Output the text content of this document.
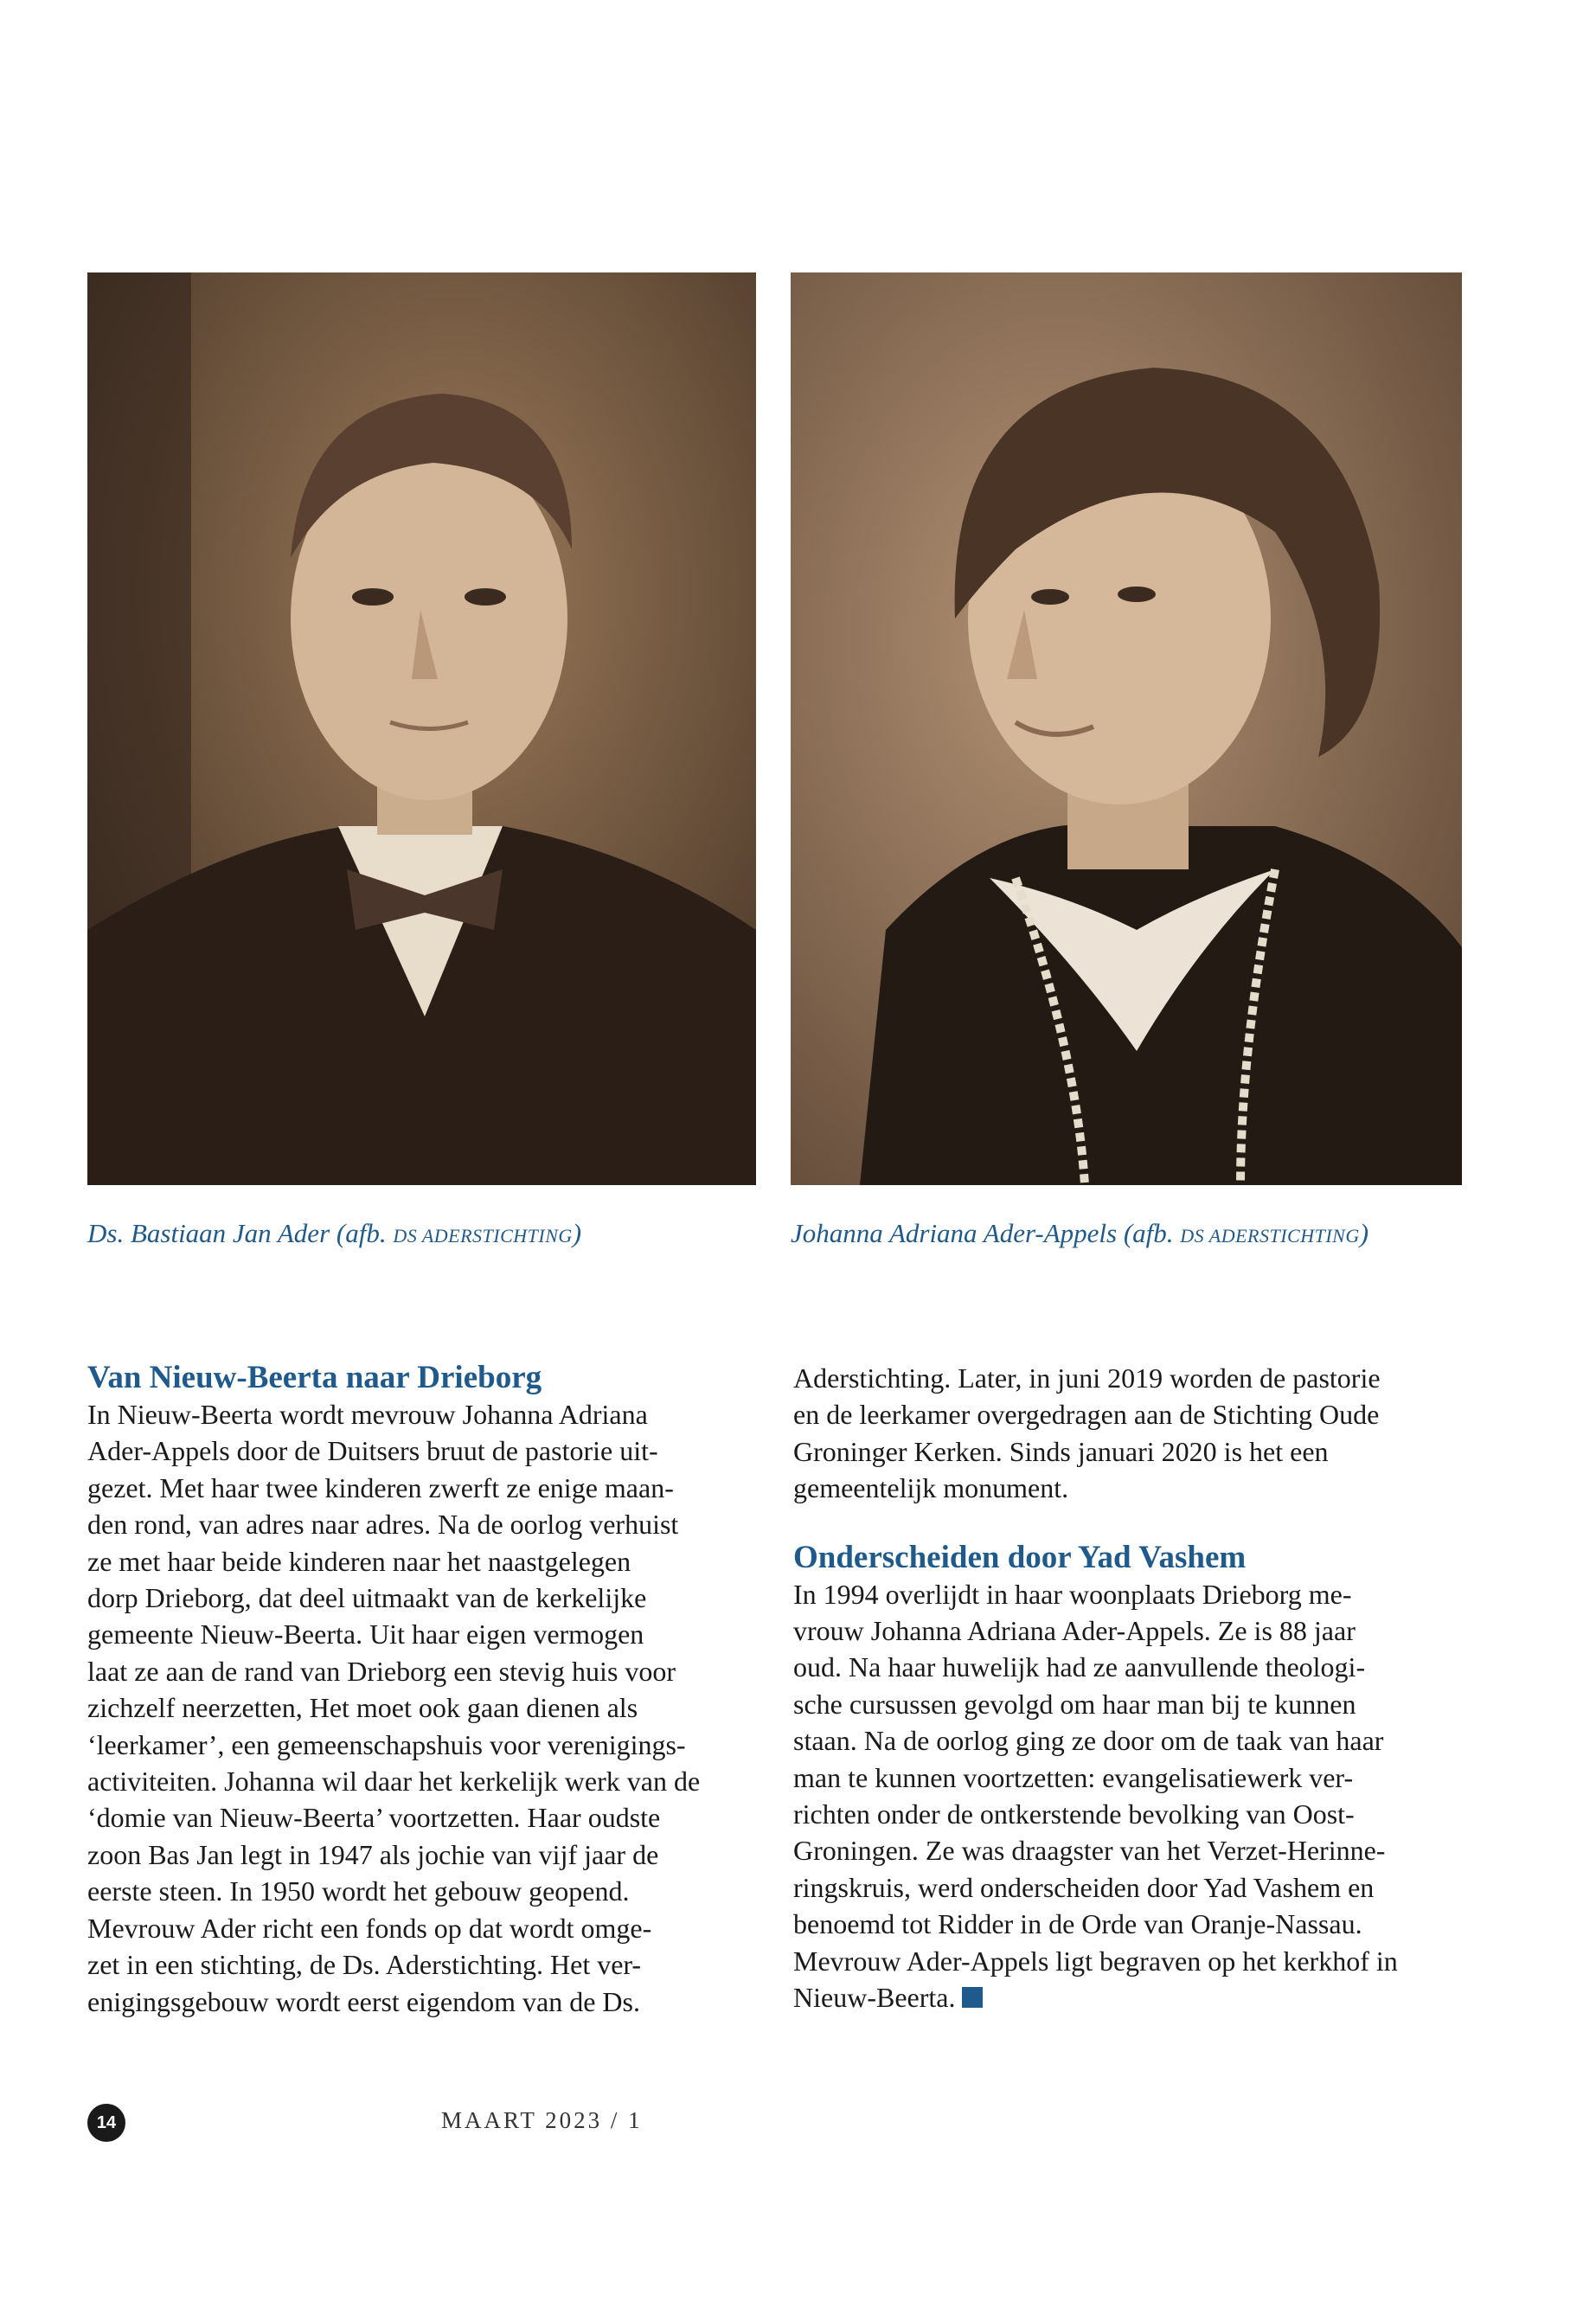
Ds. Bastiaan Jan Ader (afb. DS ADERSTICHTING)	Johanna Adriana Ader-Appels (afb. DS ADERSTICHTING)
Van Nieuw-Beerta naar Drieborg

In Nieuw-Beerta wordt mevrouw Johanna Adriana

Ader-Appels door de Duitsers bruut de pastorie uit-

gezet. Met haar twee kinderen zwerft ze enige maan-

den rond, van adres naar adres. Na de oorlog verhuist

ze met haar beide kinderen naar het naastgelegen

dorp Drieborg, dat deel uitmaakt van de kerkelijke

gemeente Nieuw-Beerta. Uit haar eigen vermogen

laat ze aan de rand van Drieborg een stevig huis voor

zichzelf neerzetten, Het moet ook gaan dienen als

‘leerkamer’, een gemeenschapshuis voor verenigings-

activiteiten. Johanna wil daar het kerkelijk werk van de

‘domie van Nieuw-Beerta’ voortzetten. Haar oudste

zoon Bas Jan legt in 1947 als jochie van vijf jaar de

eerste steen. In 1950 wordt het gebouw geopend.

Mevrouw Ader richt een fonds op dat wordt omge-

zet in een stichting, de Ds. Aderstichting. Het ver-

enigingsgebouw wordt eerst eigendom van de Ds.

Aderstichting. Later, in juni 2019 worden de pastorie

en de leerkamer overgedragen aan de Stichting Oude

Groninger Kerken. Sinds januari 2020 is het een

gemeentelijk monument.

Onderscheiden door Yad Vashem

In 1994 overlijdt in haar woonplaats Drieborg me-

vrouw Johanna Adriana Ader-Appels. Ze is 88 jaar

oud. Na haar huwelijk had ze aanvullende theologi-

sche cursussen gevolgd om haar man bij te kunnen

staan. Na de oorlog ging ze door om de taak van haar

man te kunnen voortzetten: evangelisatiewerk ver-

richten onder de ontkerstende bevolking van Oost-

Groningen. Ze was draagster van het Verzet-Herinne-

ringskruis, werd onderscheiden door Yad Vashem en

benoemd tot Ridder in de Orde van Oranje-Nassau.

Mevrouw Ader-Appels ligt begraven op het kerkhof in

Nieuw-Beerta.

14	MAART 2023 / 1
